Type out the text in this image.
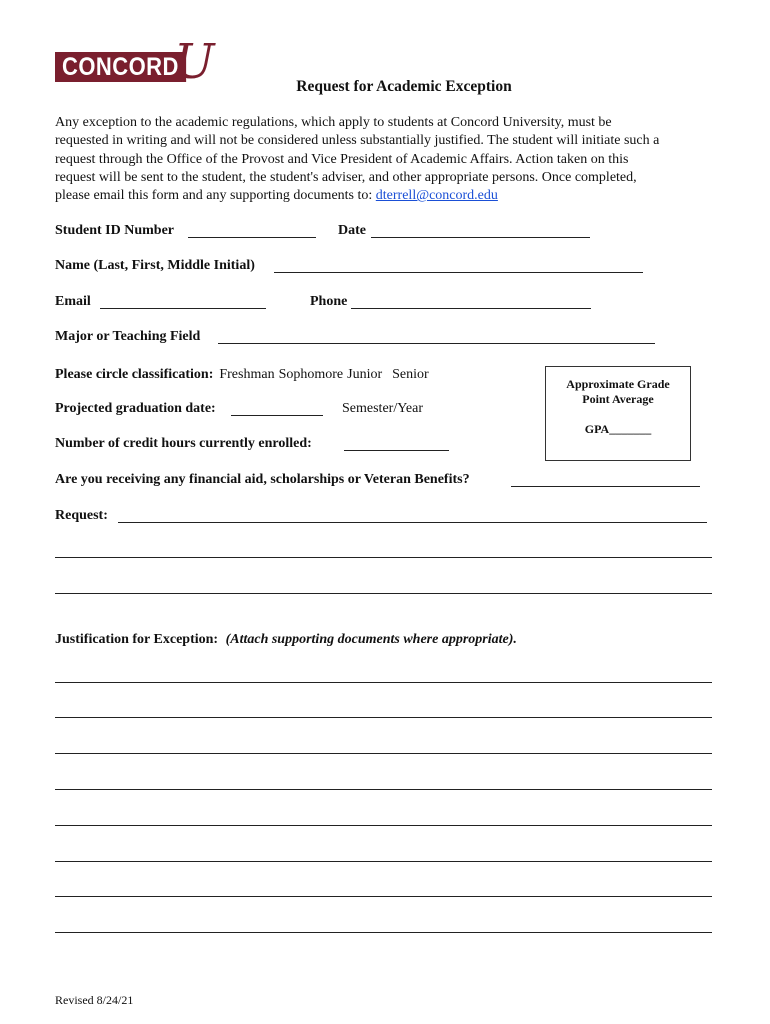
CONCORD
U	Request for Academic Exception
Any exception to the academic regulations, which apply to students at Concord University, must be
requested in writing and will not be considered unless substantially justified. The student will initiate such a
request through the Office of the Provost and Vice President of Academic Affairs. Action taken on this
request will be sent to the student, the student's adviser, and other appropriate persons. Once completed,
please email this form and any supporting documents to: dterrell@concord.edu
Student ID Number	Date
Name (Last, First, Middle Initial)
Email	Phone
Major or Teaching Field
Please circle classification: Freshman Sophomore Junior Senior
Projected graduation date:	Semester/Year
Number of credit hours currently enrolled:
Approximate Grade
Point Average
GPA_______
Are you receiving any financial aid, scholarships or Veteran Benefits?
Request:
Justification for Exception: (Attach supporting documents where appropriate).
Revised 8/24/21
